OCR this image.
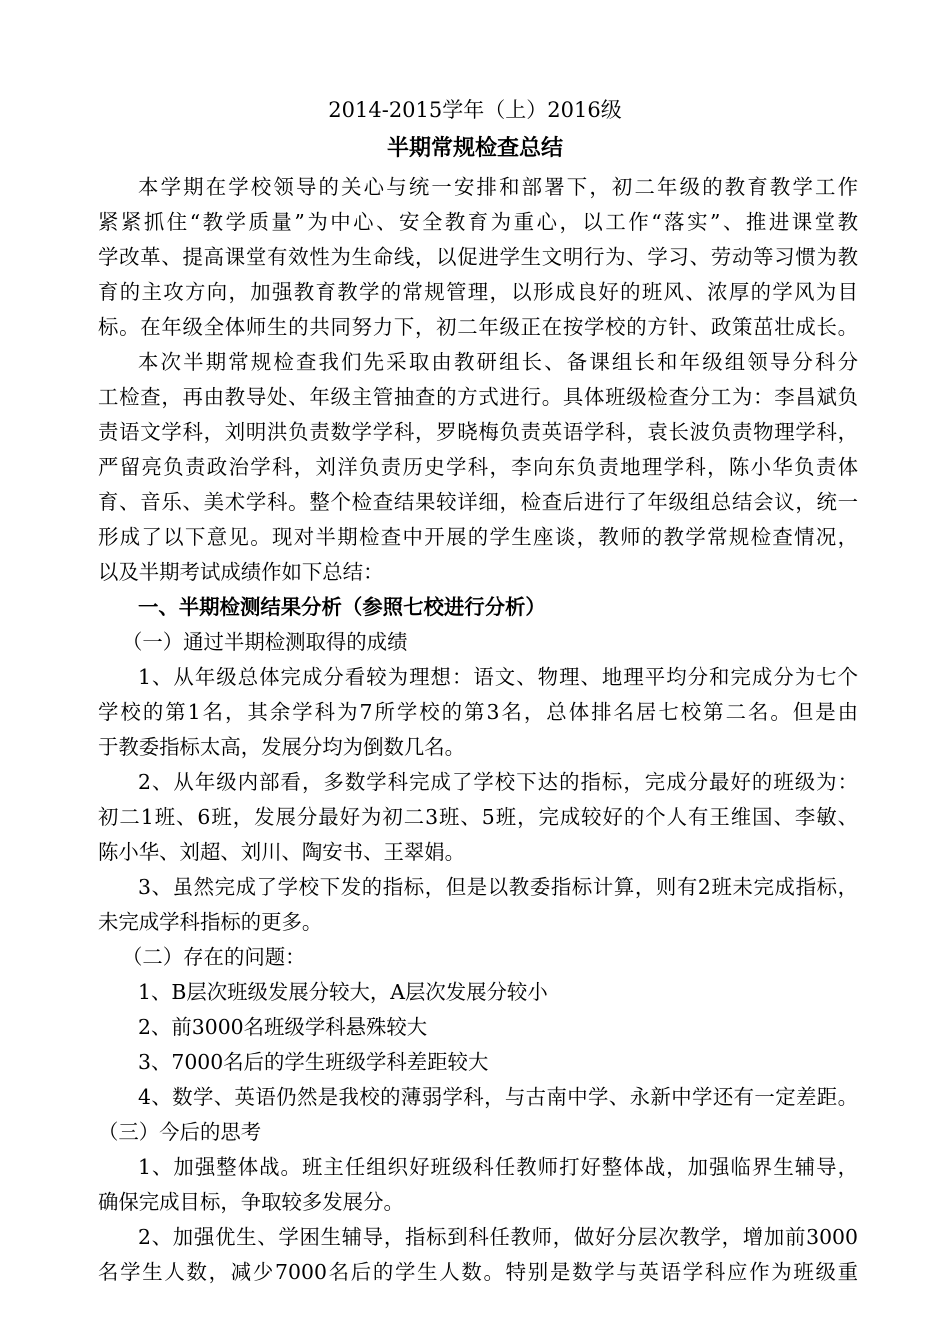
2014-2015学年（上）2016级
半期常规检查总结
本学期在学校领导的关心与统一安排和部署下，初二年级的教育教学工作
紧紧抓住“教学质量”为中心、安全教育为重心，以工作“落实”、推进课堂教
学改革、提高课堂有效性为生命线，以促进学生文明行为、学习、劳动等习惯为教
育的主攻方向，加强教育教学的常规管理，以形成良好的班风、浓厚的学风为目
标。在年级全体师生的共同努力下，初二年级正在按学校的方针、政策茁壮成长。
本次半期常规检查我们先采取由教研组长、备课组长和年级组领导分科分
工检查，再由教导处、年级主管抽查的方式进行。具体班级检查分工为：李昌斌负
责语文学科，刘明洪负责数学学科，罗晓梅负责英语学科，袁长波负责物理学科，
严留亮负责政治学科，刘洋负责历史学科，李向东负责地理学科，陈小华负责体
育、音乐、美术学科。整个检查结果较详细，检查后进行了年级组总结会议，统一
形成了以下意见。现对半期检查中开展的学生座谈，教师的教学常规检查情况，
以及半期考试成绩作如下总结：
一、半期检测结果分析（参照七校进行分析）
（一）通过半期检测取得的成绩
1、从年级总体完成分看较为理想：语文、物理、地理平均分和完成分为七个
学校的第1名，其余学科为7所学校的第3名，总体排名居七校第二名。但是由
于教委指标太高，发展分均为倒数几名。
2、从年级内部看，多数学科完成了学校下达的指标，完成分最好的班级为：
初二1班、6班，发展分最好为初二3班、5班，完成较好的个人有王维国、李敏、
陈小华、刘超、刘川、陶安书、王翠娟。
3、虽然完成了学校下发的指标，但是以教委指标计算，则有2班未完成指标，
未完成学科指标的更多。
（二）存在的问题：
1、B层次班级发展分较大，A层次发展分较小
2、前3000名班级学科悬殊较大
3、7000名后的学生班级学科差距较大
4、数学、英语仍然是我校的薄弱学科，与古南中学、永新中学还有一定差距。
（三）今后的思考
1、加强整体战。班主任组织好班级科任教师打好整体战，加强临界生辅导，
确保完成目标，争取较多发展分。
2、加强优生、学困生辅导，指标到科任教师，做好分层次教学，增加前3000
名学生人数，减少7000名后的学生人数。特别是数学与英语学科应作为班级重
